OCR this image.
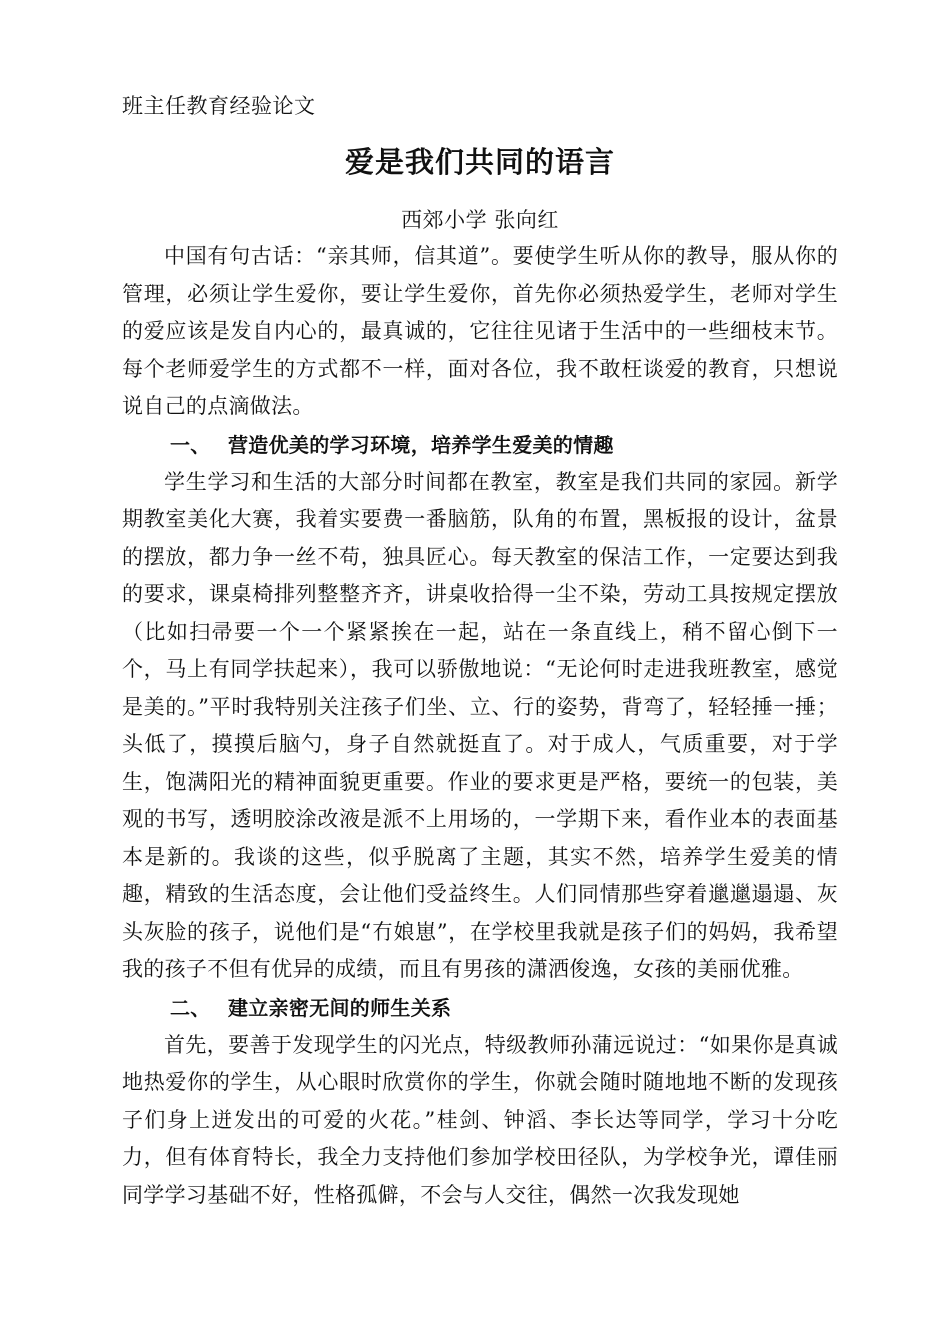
班主任教育经验论文

爱是我们共同的语言

西郊小学 张向红

中国有句古话：“亲其师，信其道”。要使学生听从你的教导，服从你的管理，必须让学生爱你，要让学生爱你，首先你必须热爱学生，老师对学生的爱应该是发自内心的，最真诚的，它往往见诸于生活中的一些细枝末节。每个老师爱学生的方式都不一样，面对各位，我不敢枉谈爱的教育，只想说说自己的点滴做法。

一、 营造优美的学习环境，培养学生爱美的情趣

学生学习和生活的大部分时间都在教室，教室是我们共同的家园。新学期教室美化大赛，我着实要费一番脑筋，队角的布置，黑板报的设计，盆景的摆放，都力争一丝不苟，独具匠心。每天教室的保洁工作，一定要达到我的要求，课桌椅排列整整齐齐，讲桌收拾得一尘不染，劳动工具按规定摆放（比如扫帚要一个一个紧紧挨在一起，站在一条直线上，稍不留心倒下一个，马上有同学扶起来），我可以骄傲地说：“无论何时走进我班教室，感觉是美的。”平时我特别关注孩子们坐、立、行的姿势，背弯了，轻轻捶一捶；头低了，摸摸后脑勺，身子自然就挺直了。对于成人，气质重要，对于学生，饱满阳光的精神面貌更重要。作业的要求更是严格，要统一的包装，美观的书写，透明胶涂改液是派不上用场的，一学期下来，看作业本的表面基本是新的。我谈的这些，似乎脱离了主题，其实不然，培养学生爱美的情趣，精致的生活态度，会让他们受益终生。人们同情那些穿着邋邋遢遢、灰头灰脸的孩子，说他们是“冇娘崽”，在学校里我就是孩子们的妈妈，我希望我的孩子不但有优异的成绩，而且有男孩的潇洒俊逸，女孩的美丽优雅。

二、 建立亲密无间的师生关系

首先，要善于发现学生的闪光点，特级教师孙蒲远说过：“如果你是真诚地热爱你的学生，从心眼时欣赏你的学生，你就会随时随地地不断的发现孩子们身上迸发出的可爱的火花。”桂剑、钟滔、李长达等同学，学习十分吃力，但有体育特长，我全力支持他们参加学校田径队，为学校争光，谭佳丽同学学习基础不好，性格孤僻，不会与人交往，偶然一次我发现她
